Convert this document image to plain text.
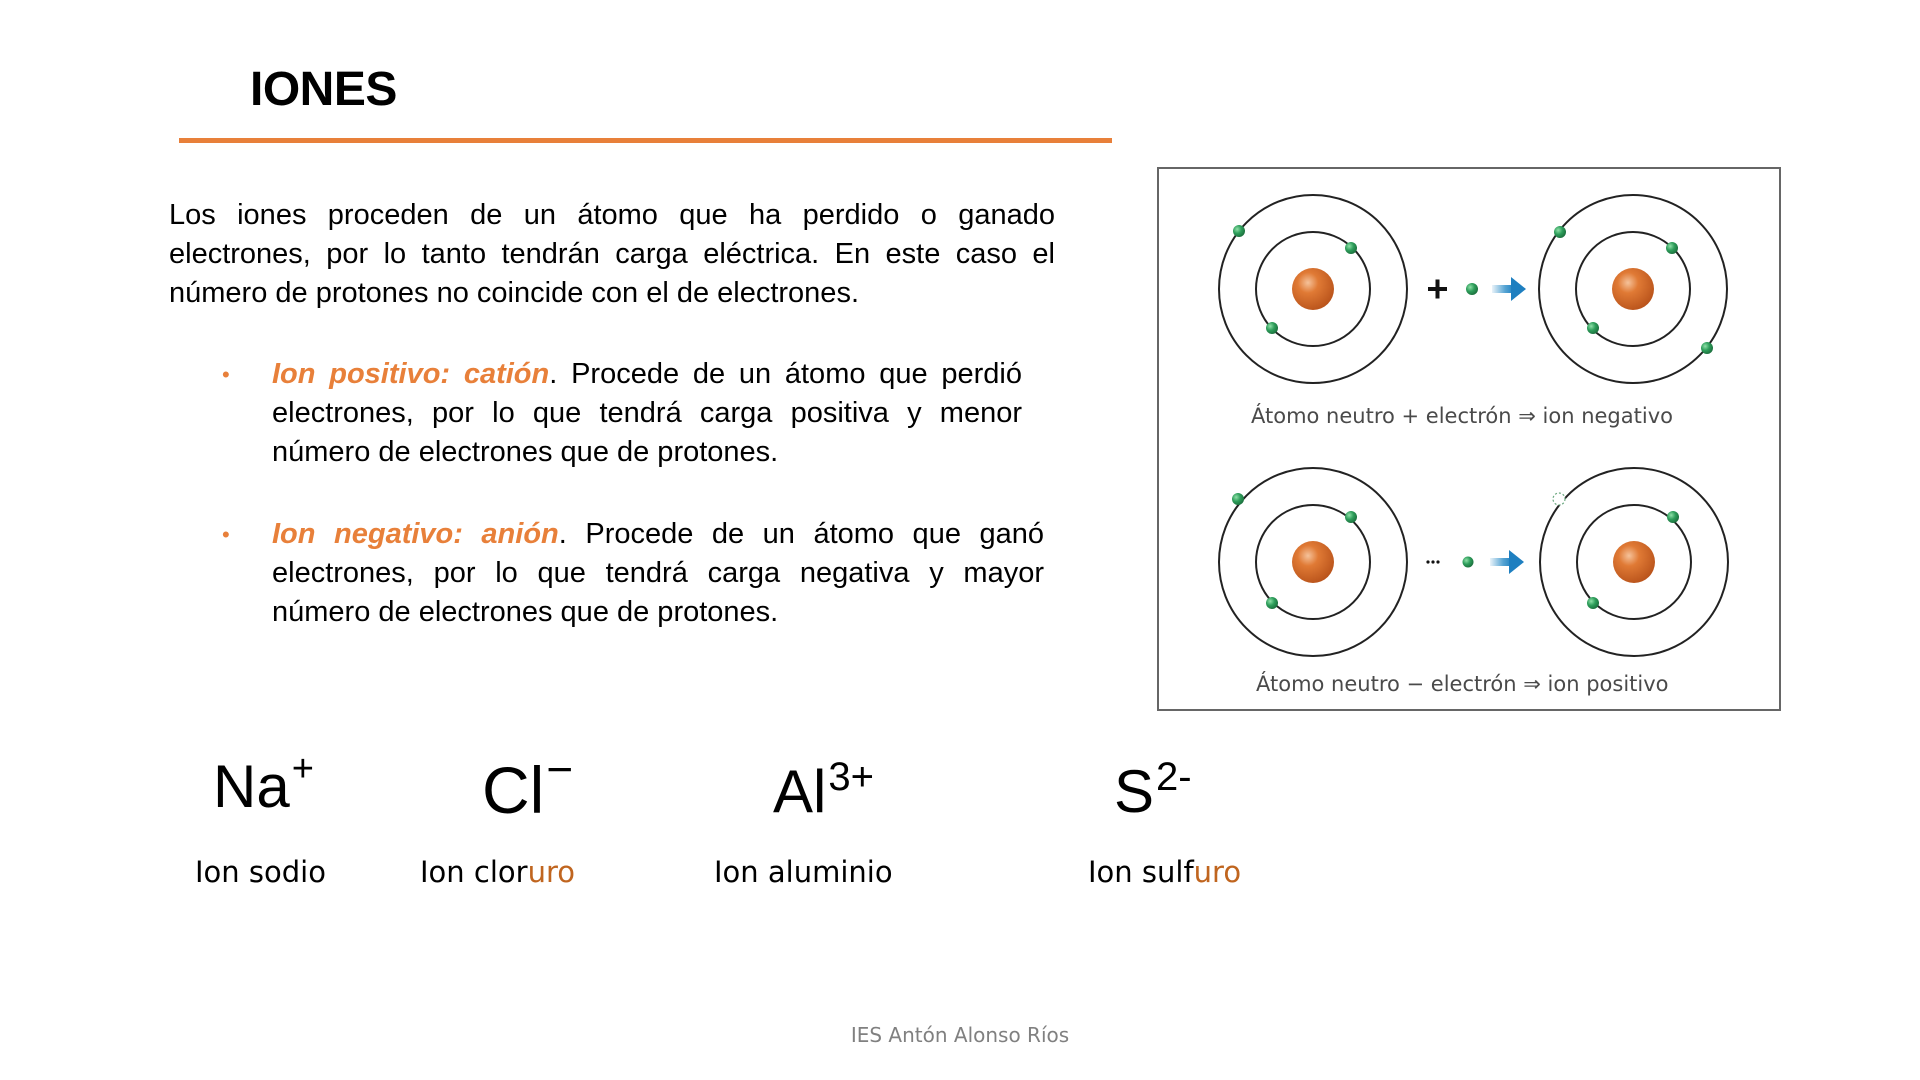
IONES
Los iones proceden de un átomo que ha perdido o ganado electrones, por lo tanto tendrán carga eléctrica. En este caso el número de protones no coincide con el de electrones.
• Ion positivo: catión. Procede de un átomo que perdió electrones, por lo que tendrá carga positiva y menor número de electrones que de protones.
• Ion negativo: anión. Procede de un átomo que ganó electrones, por lo que tendrá carga negativa y mayor número de electrones que de protones.
Átomo neutro + electrón ⇒ ion negativo
Átomo neutro − electrón ⇒ ion positivo
Na+	Cl−	$Al^{3+}$	$S^{2-}$
Ion sodio	Ion cloruro	Ion aluminio	Ion sulfuro
IES Antón Alonso Ríos
